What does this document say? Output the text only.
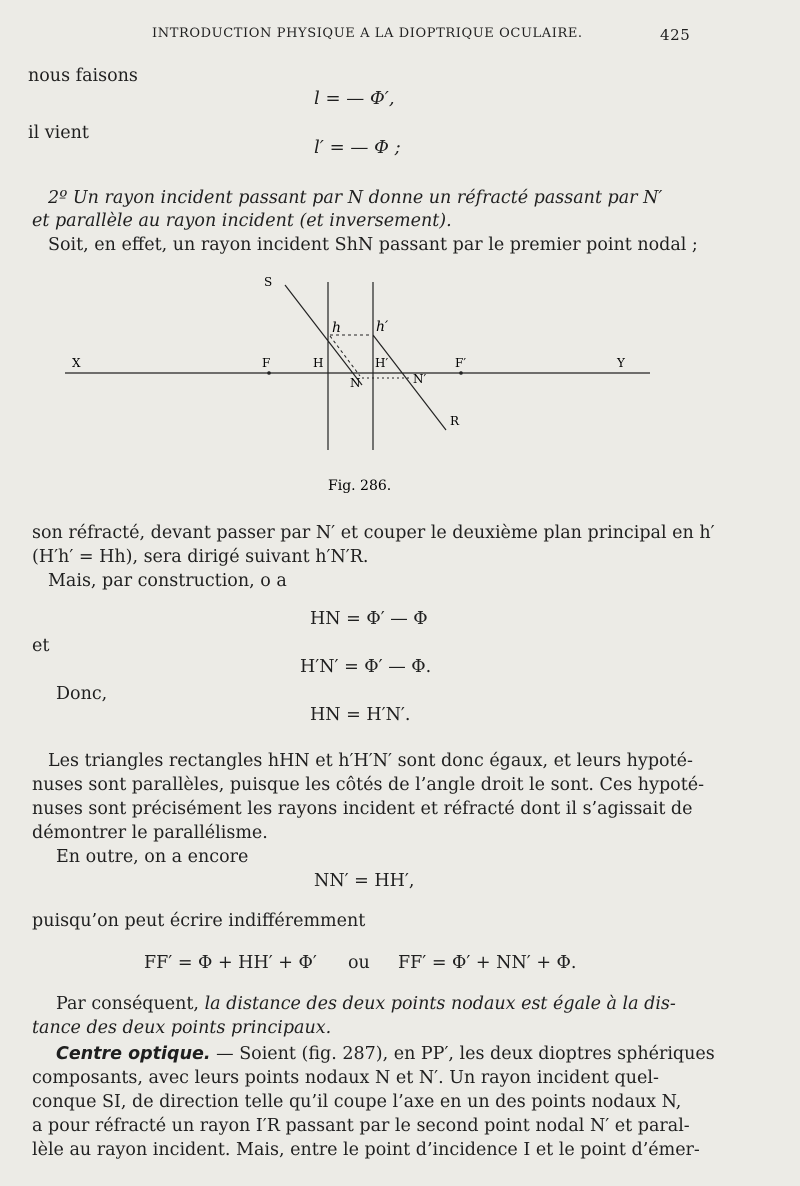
INTRODUCTION PHYSIQUE A LA DIOPTRIQUE OCULAIRE.	425
nous faisons
l = — Φ′,
il vient
l′ = — Φ ;
2º Un rayon incident passant par N donne un réfracté passant par N′
et parallèle au rayon incident (et inversement).
Soit, en effet, un rayon incident ShN passant par le premier point nodal ;
S
h h′
X	F	H	H′	F′	Y
N	N′
R
Fig. 286.
son réfracté, devant passer par N′ et couper le deuxième plan principal en h′
(H′h′ = Hh), sera dirigé suivant h′N′R.
Mais, par construction, o a
HN = Φ′ — Φ
et
H′N′ = Φ′ — Φ.
Donc,
HN = H′N′.
Les triangles rectangles hHN et h′H′N′ sont donc égaux, et leurs hypoté-
nuses sont parallèles, puisque les côtés de l’angle droit le sont. Ces hypoté-
nuses sont précisément les rayons incident et réfracté dont il s’agissait de
démontrer le parallélisme.
En outre, on a encore
NN′ = HH′,
puisqu’on peut écrire indifféremment
FF′ = Φ + HH′ + Φ′ ou FF′ = Φ′ + NN′ + Φ.
Par conséquent, la distance des deux points nodaux est égale à la dis-
tance des deux points principaux.
Centre optique. — Soient (fig. 287), en PP′, les deux dioptres sphériques
composants, avec leurs points nodaux N et N′. Un rayon incident quel-
conque SI, de direction telle qu’il coupe l’axe en un des points nodaux N,
a pour réfracté un rayon I′R passant par le second point nodal N′ et paral-
lèle au rayon incident. Mais, entre le point d’incidence I et le point d’émer-
